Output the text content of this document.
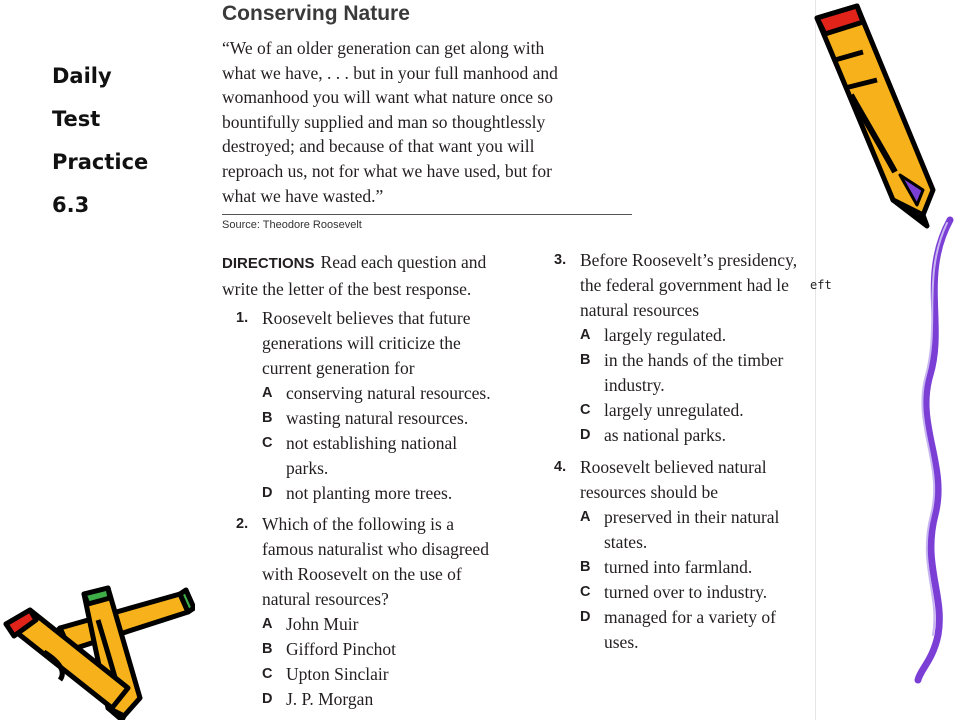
Daily
Test
Practice
6.3
Conserving Nature
“We of an older generation can get along with
what we have, . . . but in your full manhood and
womanhood you will want what nature once so
bountifully supplied and man so thoughtlessly
destroyed; and because of that want you will
reproach us, not for what we have used, but for
what we have wasted.”
Source: Theodore Roosevelt
DIRECTIONS Read each question and
write the letter of the best response.
1. Roosevelt believes that future
generations will criticize the
current generation for
A conserving natural resources.
B wasting natural resources.
C not establishing national
parks.
D not planting more trees.
2. Which of the following is a
famous naturalist who disagreed
with Roosevelt on the use of
natural resources?
A John Muir
B Gifford Pinchot
C Upton Sinclair
D J. P. Morgan
3. Before Roosevelt’s presidency,
the federal government had le
natural resources
A largely regulated.
B in the hands of the timber
industry.
C largely unregulated.
D as national parks.
eft
4. Roosevelt believed natural
resources should be
A preserved in their natural
states.
B turned into farmland.
C turned over to industry.
D managed for a variety of
uses.
